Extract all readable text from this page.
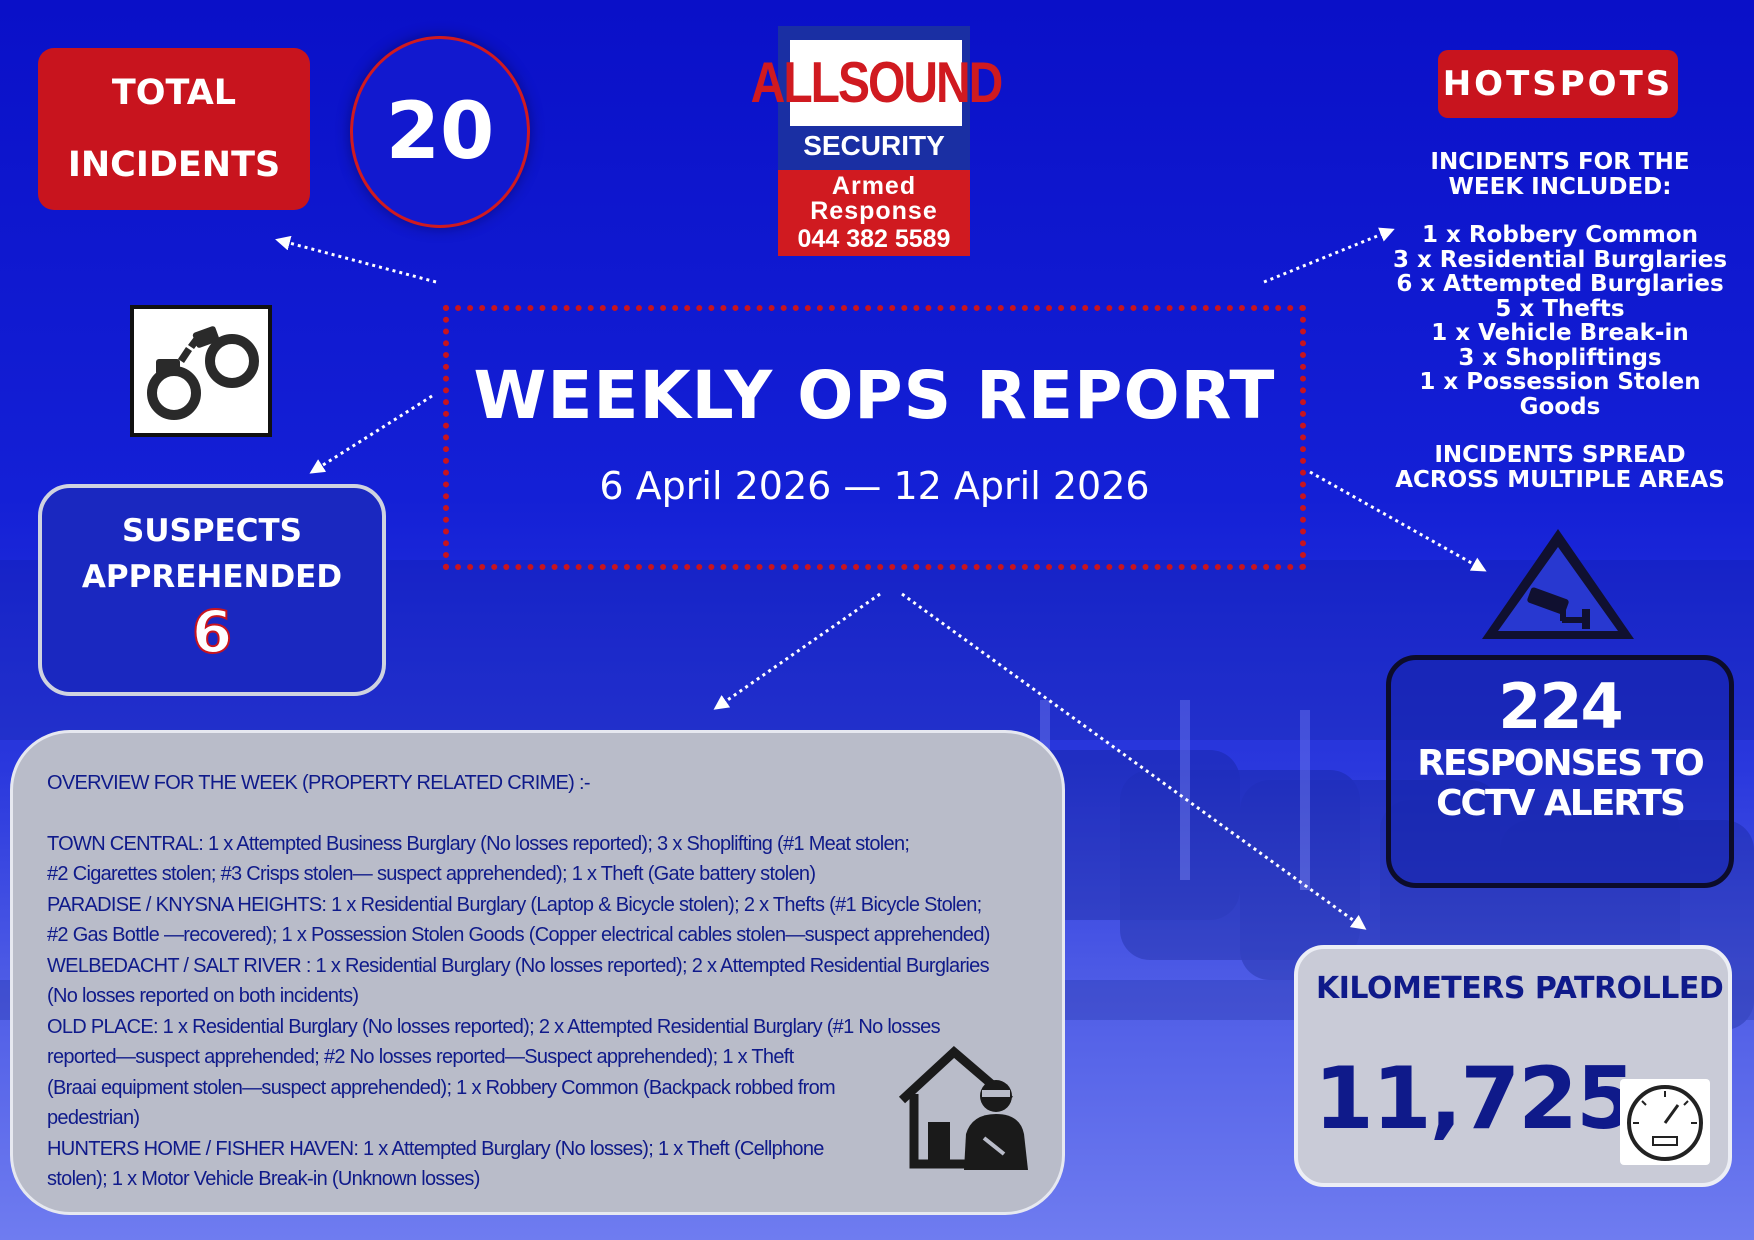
TOTAL
INCIDENTS	20
ALLSOUND
SECURITY
Armed
Response
044 382 5589
HOTSPOTS
INCIDENTS FOR THE
WEEK INCLUDED:
1 x Robbery Common
3 x Residential Burglaries
6 x Attempted Burglaries
5 x Thefts
1 x Vehicle Break-in
3 x Shopliftings
1 x Possession Stolen
Goods
INCIDENTS SPREAD
ACROSS MULTIPLE AREAS
WEEKLY OPS REPORT
6 April 2026 — 12 April 2026
SUSPECTS
APPREHENDED
6

OVERVIEW FOR THE WEEK (PROPERTY RELATED CRIME) :-

TOWN CENTRAL: 1 x Attempted Business Burglary (No losses reported); 3 x Shoplifting (#1 Meat stolen;

#2 Cigarettes stolen; #3 Crisps stolen— suspect apprehended); 1 x Theft (Gate battery stolen)

PARADISE / KNYSNA HEIGHTS: 1 x Residential Burglary (Laptop & Bicycle stolen); 2 x Thefts (#1 Bicycle Stolen;

#2 Gas Bottle —recovered); 1 x Possession Stolen Goods (Copper electrical cables stolen—suspect apprehended)

WELBEDACHT / SALT RIVER : 1 x Residential Burglary (No losses reported); 2 x Attempted Residential Burglaries

(No losses reported on both incidents)

OLD PLACE: 1 x Residential Burglary (No losses reported); 2 x Attempted Residential Burglary (#1 No losses

reported—suspect apprehended; #2 No losses reported—Suspect apprehended); 1 x Theft

(Braai equipment stolen—suspect apprehended); 1 x Robbery Common (Backpack robbed from

pedestrian)

HUNTERS HOME / FISHER HAVEN: 1 x Attempted Burglary (No losses); 1 x Theft (Cellphone

stolen); 1 x Motor Vehicle Break-in (Unknown losses)

224
RESPONSES TO
CCTV ALERTS
KILOMETERS PATROLLED
11,725
